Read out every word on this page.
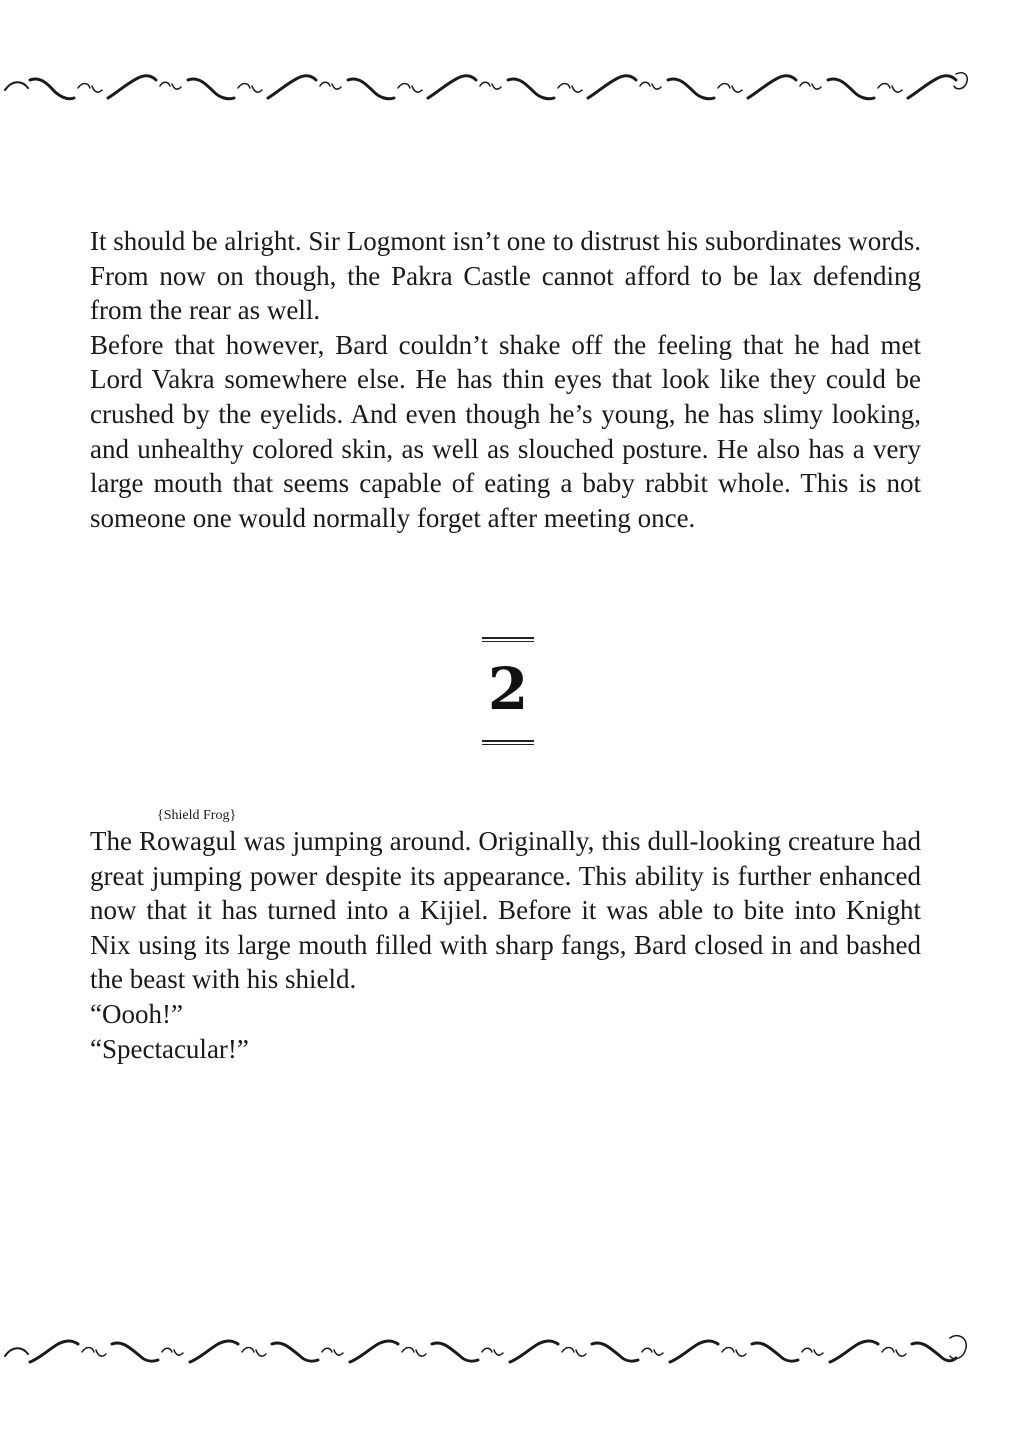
It should be alright. Sir Logmont isn’t one to distrust his subordinates words. From now on though, the Pakra Castle cannot afford to be lax defending from the rear as well.

Before that however, Bard couldn’t shake off the feeling that he had met Lord Vakra somewhere else. He has thin eyes that look like they could be crushed by the eyelids. And even though he’s young, he has slimy looking, and unhealthy colored skin, as well as slouched posture. He also has a very large mouth that seems capable of eating a baby rabbit whole. This is not someone one would normally forget after meeting once.

2
{Shield Frog}

The Rowagul was jumping around. Originally, this dull-looking creature had great jumping power despite its appearance. This ability is further enhanced now that it has turned into a Kijiel. Before it was able to bite into Knight Nix using its large mouth filled with sharp fangs, Bard closed in and bashed the beast with his shield.

“Oooh!”

“Spectacular!”
